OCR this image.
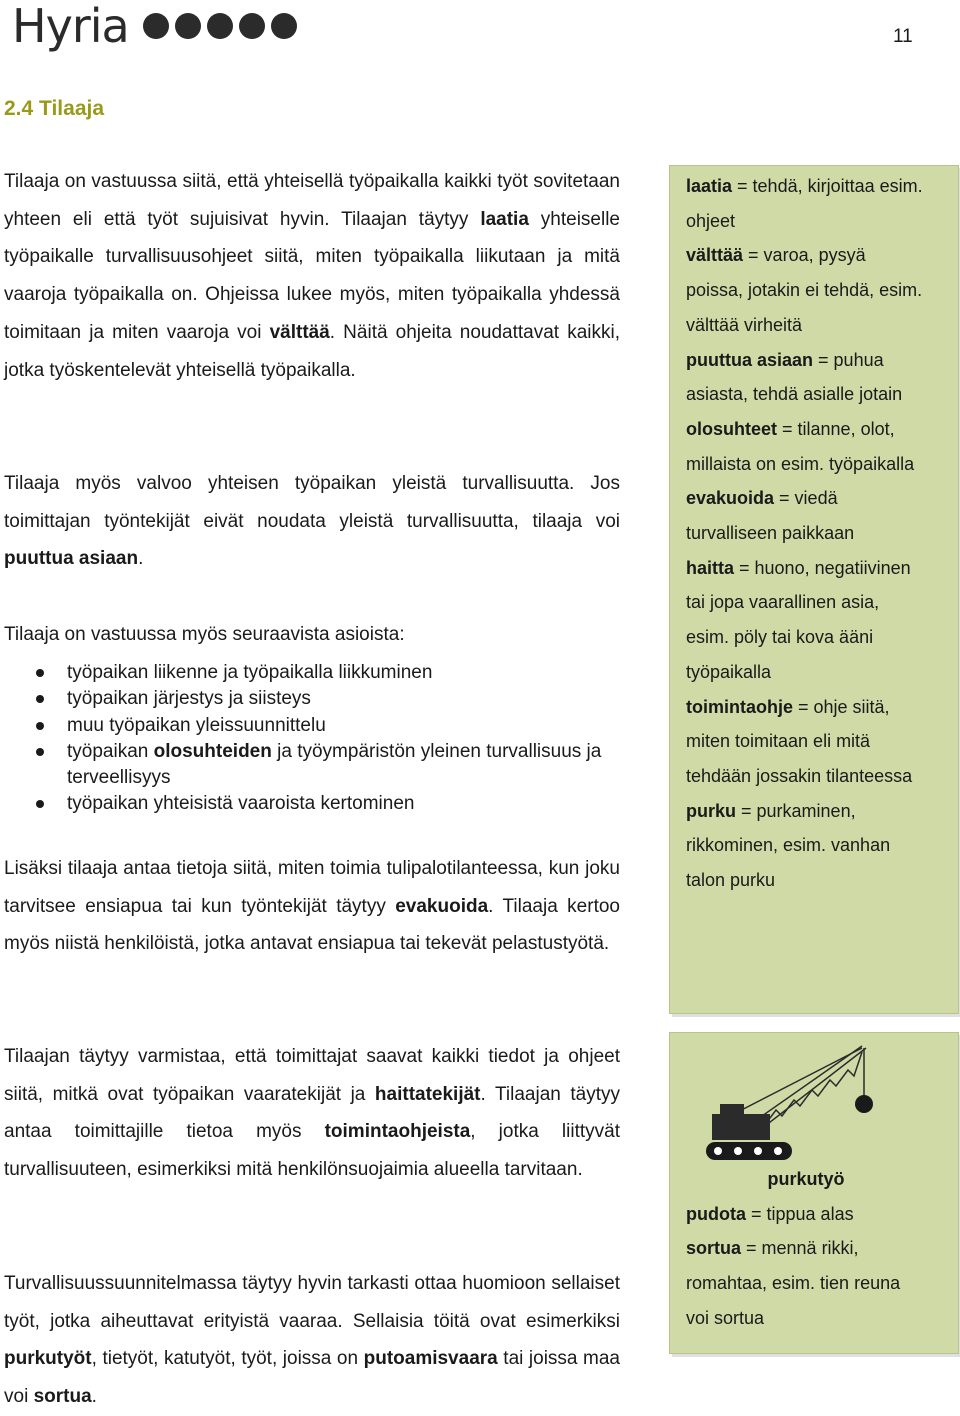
Hyria	11
2.4 Tilaaja

Tilaaja on vastuussa siitä, että yhteisellä työpaikalla kaikki työt sovitetaan yhteen eli että työt sujuisivat hyvin. Tilaajan täytyy laatia yhteiselle työpaikalle turvallisuusohjeet siitä, miten työpaikalla liikutaan ja mitä vaaroja työpaikalla on. Ohjeissa lukee myös, miten työpaikalla yhdessä toimitaan ja miten vaaroja voi välttää. Näitä ohjeita noudattavat kaikki, jotka työskentelevät yhteisellä työpaikalla.

Tilaaja myös valvoo yhteisen työpaikan yleistä turvallisuutta. Jos toimittajan työntekijät eivät noudata yleistä turvallisuutta, tilaaja voi puuttua asiaan.

Tilaaja on vastuussa myös seuraavista asioista:
työpaikan liikenne ja työpaikalla liikkuminen
työpaikan järjestys ja siisteys
muu työpaikan yleissuunnittelu
työpaikan olosuhteiden ja työympäristön yleinen turvallisuus ja terveellisyys
työpaikan yhteisistä vaaroista kertominen

Lisäksi tilaaja antaa tietoja siitä, miten toimia tulipalotilanteessa, kun joku tarvitsee ensiapua tai kun työntekijät täytyy evakuoida. Tilaaja kertoo myös niistä henkilöistä, jotka antavat ensiapua tai tekevät pelastustyötä.

Tilaajan täytyy varmistaa, että toimittajat saavat kaikki tiedot ja ohjeet siitä, mitkä ovat työpaikan vaaratekijät ja haittatekijät. Tilaajan täytyy antaa toimittajille tietoa myös toimintaohjeista, jotka liittyvät turvallisuuteen, esimerkiksi mitä henkilönsuojaimia alueella tarvitaan.

Turvallisuussuunnitelmassa täytyy hyvin tarkasti ottaa huomioon sellaiset työt, jotka aiheuttavat erityistä vaaraa. Sellaisia töitä ovat esimerkiksi purkutyöt, tietyöt, katutyöt, työt, joissa on putoamisvaara tai joissa maa voi sortua.

laatia = tehdä, kirjoittaa esim. ohjeet

välttää = varoa, pysyä poissa, jotakin ei tehdä, esim. välttää virheitä

puuttua asiaan = puhua asiasta, tehdä asialle jotain

olosuhteet = tilanne, olot, millaista on esim. työpaikalla

evakuoida = viedä turvalliseen paikkaan

haitta = huono, negatiivinen tai jopa vaarallinen asia, esim. pöly tai kova ääni työpaikalla

toimintaohje = ohje siitä, miten toimitaan eli mitä tehdään jossakin tilanteessa

purku = purkaminen, rikkominen, esim. vanhan talon purku

purkutyö

pudota = tippua alas

sortua = mennä rikki, romahtaa, esim. tien reuna voi sortua
